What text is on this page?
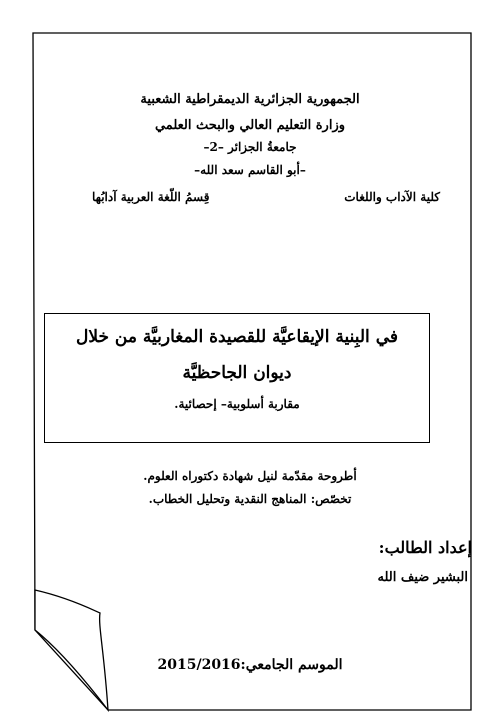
الجمهورية الجزائرية الديمقراطية الشعبية
وزارة التعليم العالي والبحث العلمي
جامعةُ الجزائر –2–
–أبو القاسم سعد الله–
كلية الآداب واللغات
قِسمُ اللّغة العربية آدابُها
في البِنية الإيقاعيَّة للقصيدة المغاربيَّة من خلال
ديوان الجاحظيَّة
مقاربة أسلوبية– إحصائية.
أطروحة مقدّمة لنيل شهادة دكتوراه العلوم.
تخصّص: المناهج النقدية وتحليل الخطاب.
إعداد الطالب:
البشير ضيف الله
الموسم الجامعي:2015/2016
